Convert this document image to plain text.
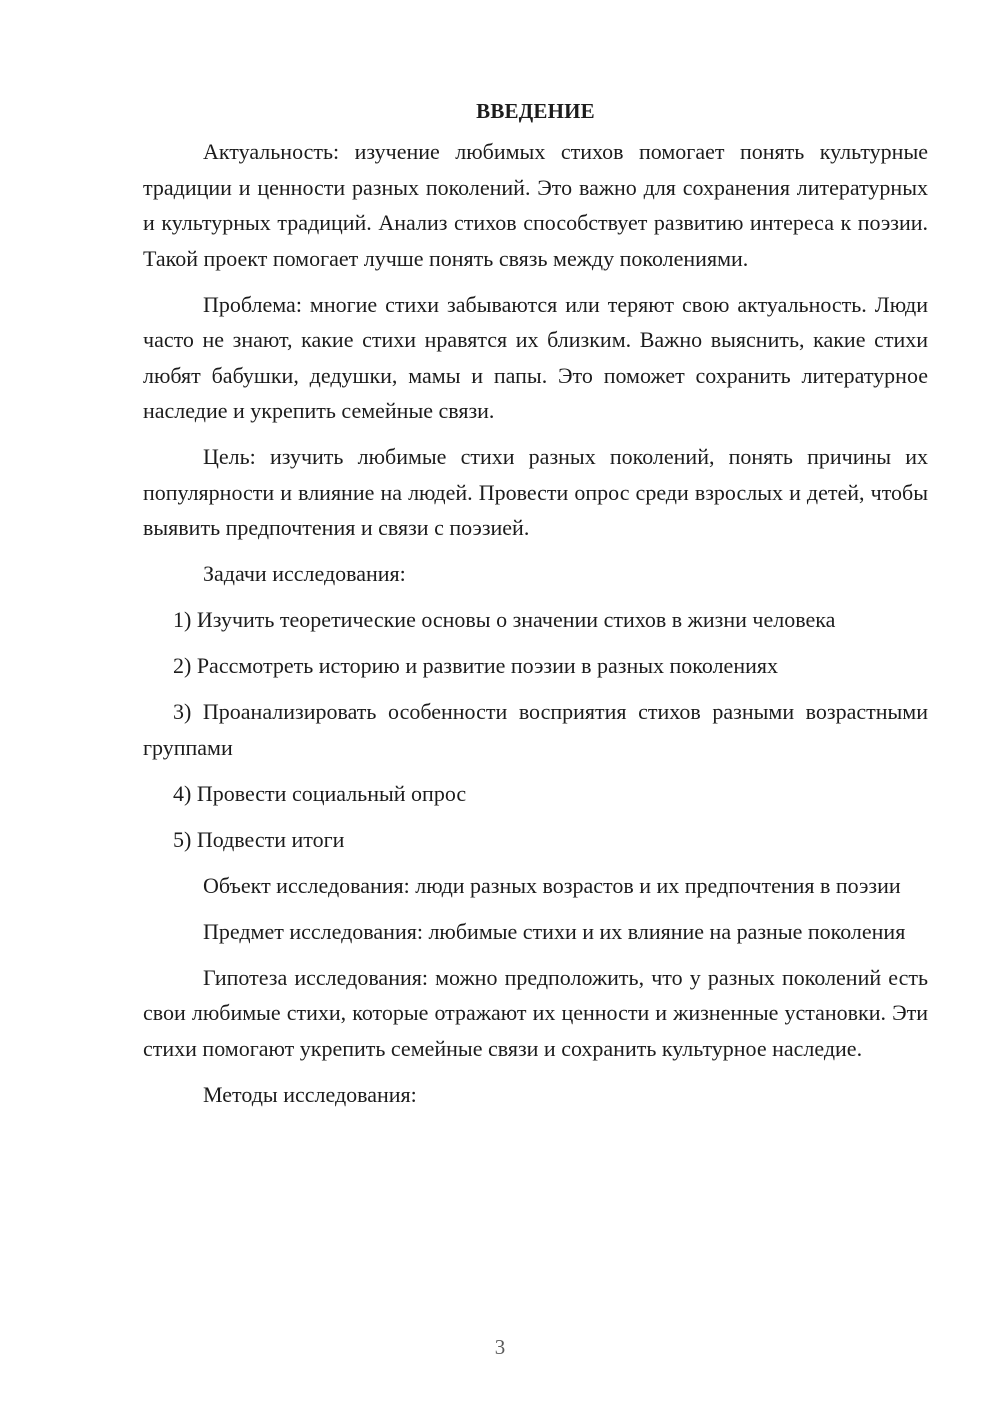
ВВЕДЕНИЕ

Актуальность: изучение любимых стихов помогает понять культурные традиции и ценности разных поколений. Это важно для сохранения литературных и культурных традиций. Анализ стихов способствует развитию интереса к поэзии. Такой проект помогает лучше понять связь между поколениями.

Проблема: многие стихи забываются или теряют свою актуальность. Люди часто не знают, какие стихи нравятся их близким. Важно выяснить, какие стихи любят бабушки, дедушки, мамы и папы. Это поможет сохранить литературное наследие и укрепить семейные связи.

Цель: изучить любимые стихи разных поколений, понять причины их популярности и влияние на людей. Провести опрос среди взрослых и детей, чтобы выявить предпочтения и связи с поэзией.

Задачи исследования:

1) Изучить теоретические основы о значении стихов в жизни человека

2) Рассмотреть историю и развитие поэзии в разных поколениях

3) Проанализировать особенности восприятия стихов разными возрастными группами

4) Провести социальный опрос

5) Подвести итоги

Объект исследования: люди разных возрастов и их предпочтения в поэзии

Предмет исследования: любимые стихи и их влияние на разные поколения

Гипотеза исследования: можно предположить, что у разных поколений есть свои любимые стихи, которые отражают их ценности и жизненные установки. Эти стихи помогают укрепить семейные связи и сохранить культурное наследие.

Методы исследования:

3
